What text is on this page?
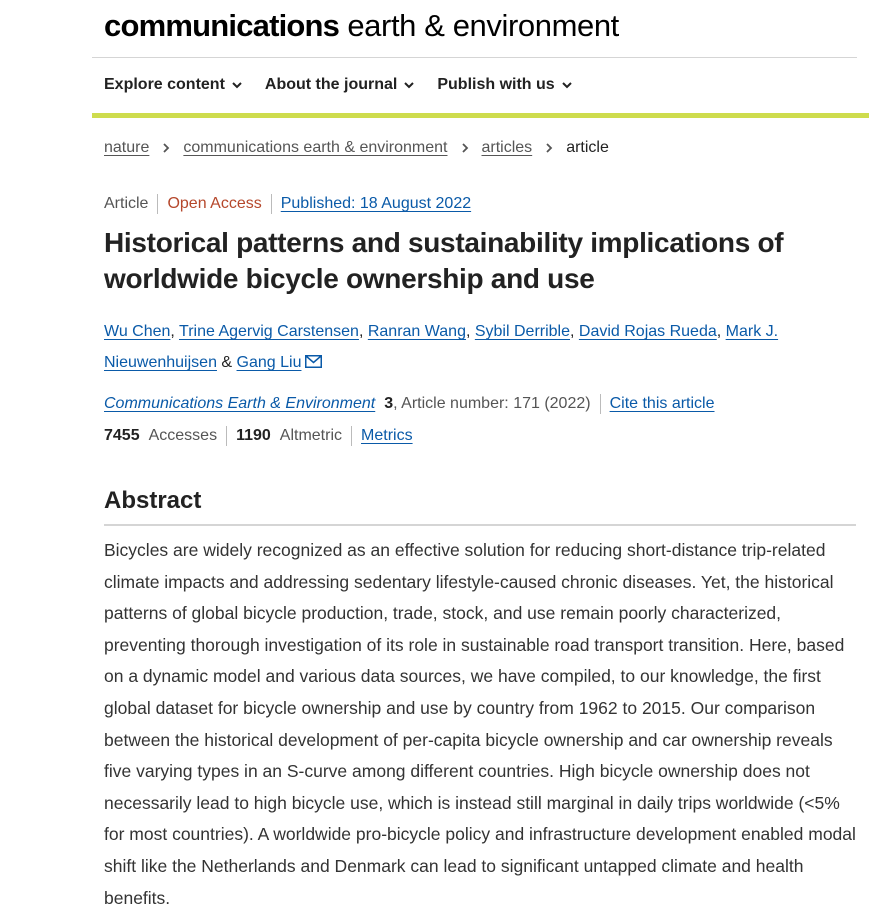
communications earth & environment
Explore content	About the journal	Publish with us
nature communications earth & environment articles article
Article Open Access Published: 18 August 2022
Historical patterns and sustainability implications of worldwide bicycle ownership and use
Wu Chen, Trine Agervig Carstensen, Ranran Wang, Sybil Derrible, David Rojas Rueda, Mark J. Nieuwenhuijsen & Gang Liu
Communications Earth & Environment 3 , Article number: 171 (2022) Cite this article
7455 Accesses 1190 Altmetric Metrics
Abstract

Bicycles are widely recognized as an effective solution for reducing short-distance trip-related climate impacts and addressing sedentary lifestyle-caused chronic diseases. Yet, the historical patterns of global bicycle production, trade, stock, and use remain poorly characterized, preventing thorough investigation of its role in sustainable road transport transition. Here, based on a dynamic model and various data sources, we have compiled, to our knowledge, the first global dataset for bicycle ownership and use by country from 1962 to 2015. Our comparison between the historical development of per-capita bicycle ownership and car ownership reveals five varying types in an S-curve among different countries. High bicycle ownership does not necessarily lead to high bicycle use, which is instead still marginal in daily trips worldwide (<5% for most countries). A worldwide pro-bicycle policy and infrastructure development enabled modal shift like the Netherlands and Denmark can lead to significant untapped climate and health benefits.
